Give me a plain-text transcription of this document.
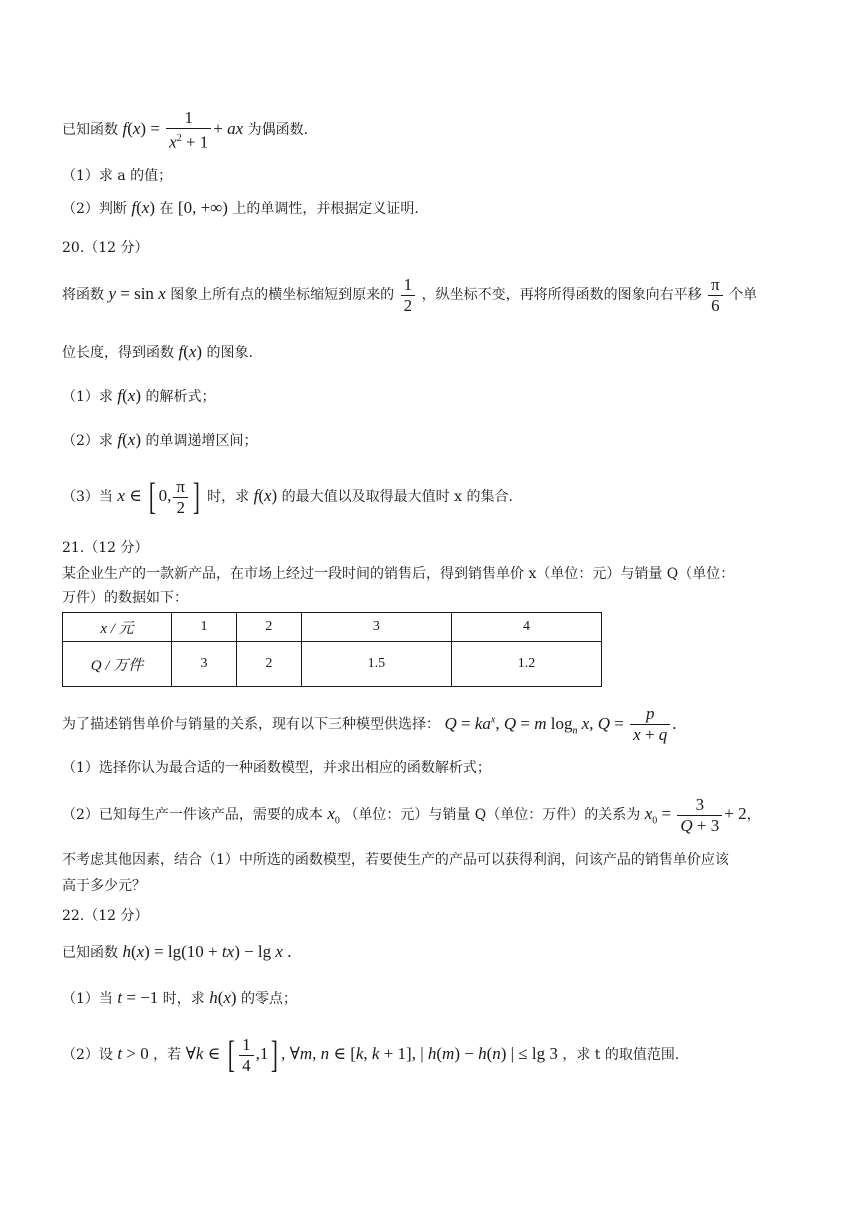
已知函数 $f(x) = \frac{1}{x^2 + 1}$ + ax 为偶函数.
（1）求 a 的值；
（2）判断 f(x) 在 [0, +∞) 上的单调性，并根据定义证明.
20.（12 分）
将函数 y = sin x 图象上所有点的横坐标缩短到原来的 $\frac{1}{2}$ ，纵坐标不变，再将所得函数的图象向右平移 $\frac{\pi}{6}$ 个单
位长度，得到函数 f(x) 的图象.
（1）求 f(x) 的解析式；
（2）求 f(x) 的单调递增区间；
（3）当 x ∈ [ 0, $\frac{\pi}{2}$ ] 时，求 f(x) 的最大值以及取得最大值时 x 的集合.
21.（12 分）
某企业生产的一款新产品，在市场上经过一段时间的销售后，得到销售单价 x（单位：元）与销量 Q（单位：
万件）的数据如下：
x / 元	1	2	3	4
Q / 万件	3	2	1.5	1.2
为了描述销售单价与销量的关系，现有以下三种模型供选择： $Q = ka^x$, Q = m $\log_n x$, $Q = \frac{p}{x + q}$ .
（1）选择你认为最合适的一种函数模型，并求出相应的函数解析式；
（2）已知每生产一件该产品，需要的成本 $x_0$ （单位：元）与销量 Q（单位：万件）的关系为 $x_0 = \frac{3}{Q + 3} + 2$，
不考虑其他因素，结合（1）中所选的函数模型，若要使生产的产品可以获得利润，问该产品的销售单价应该
高于多少元？
22.（12 分）
已知函数 h(x) = lg(10 + tx) − lg x .
（1）当 t = −1 时，求 h(x) 的零点；
（2）设 t > 0 ，若 ∀k ∈ [ $\frac{1}{4} ,1$] , ∀m, n ∈ [k, k + 1], | h(m) − h(n) | ≤ lg 3 ，求 t 的取值范围.
